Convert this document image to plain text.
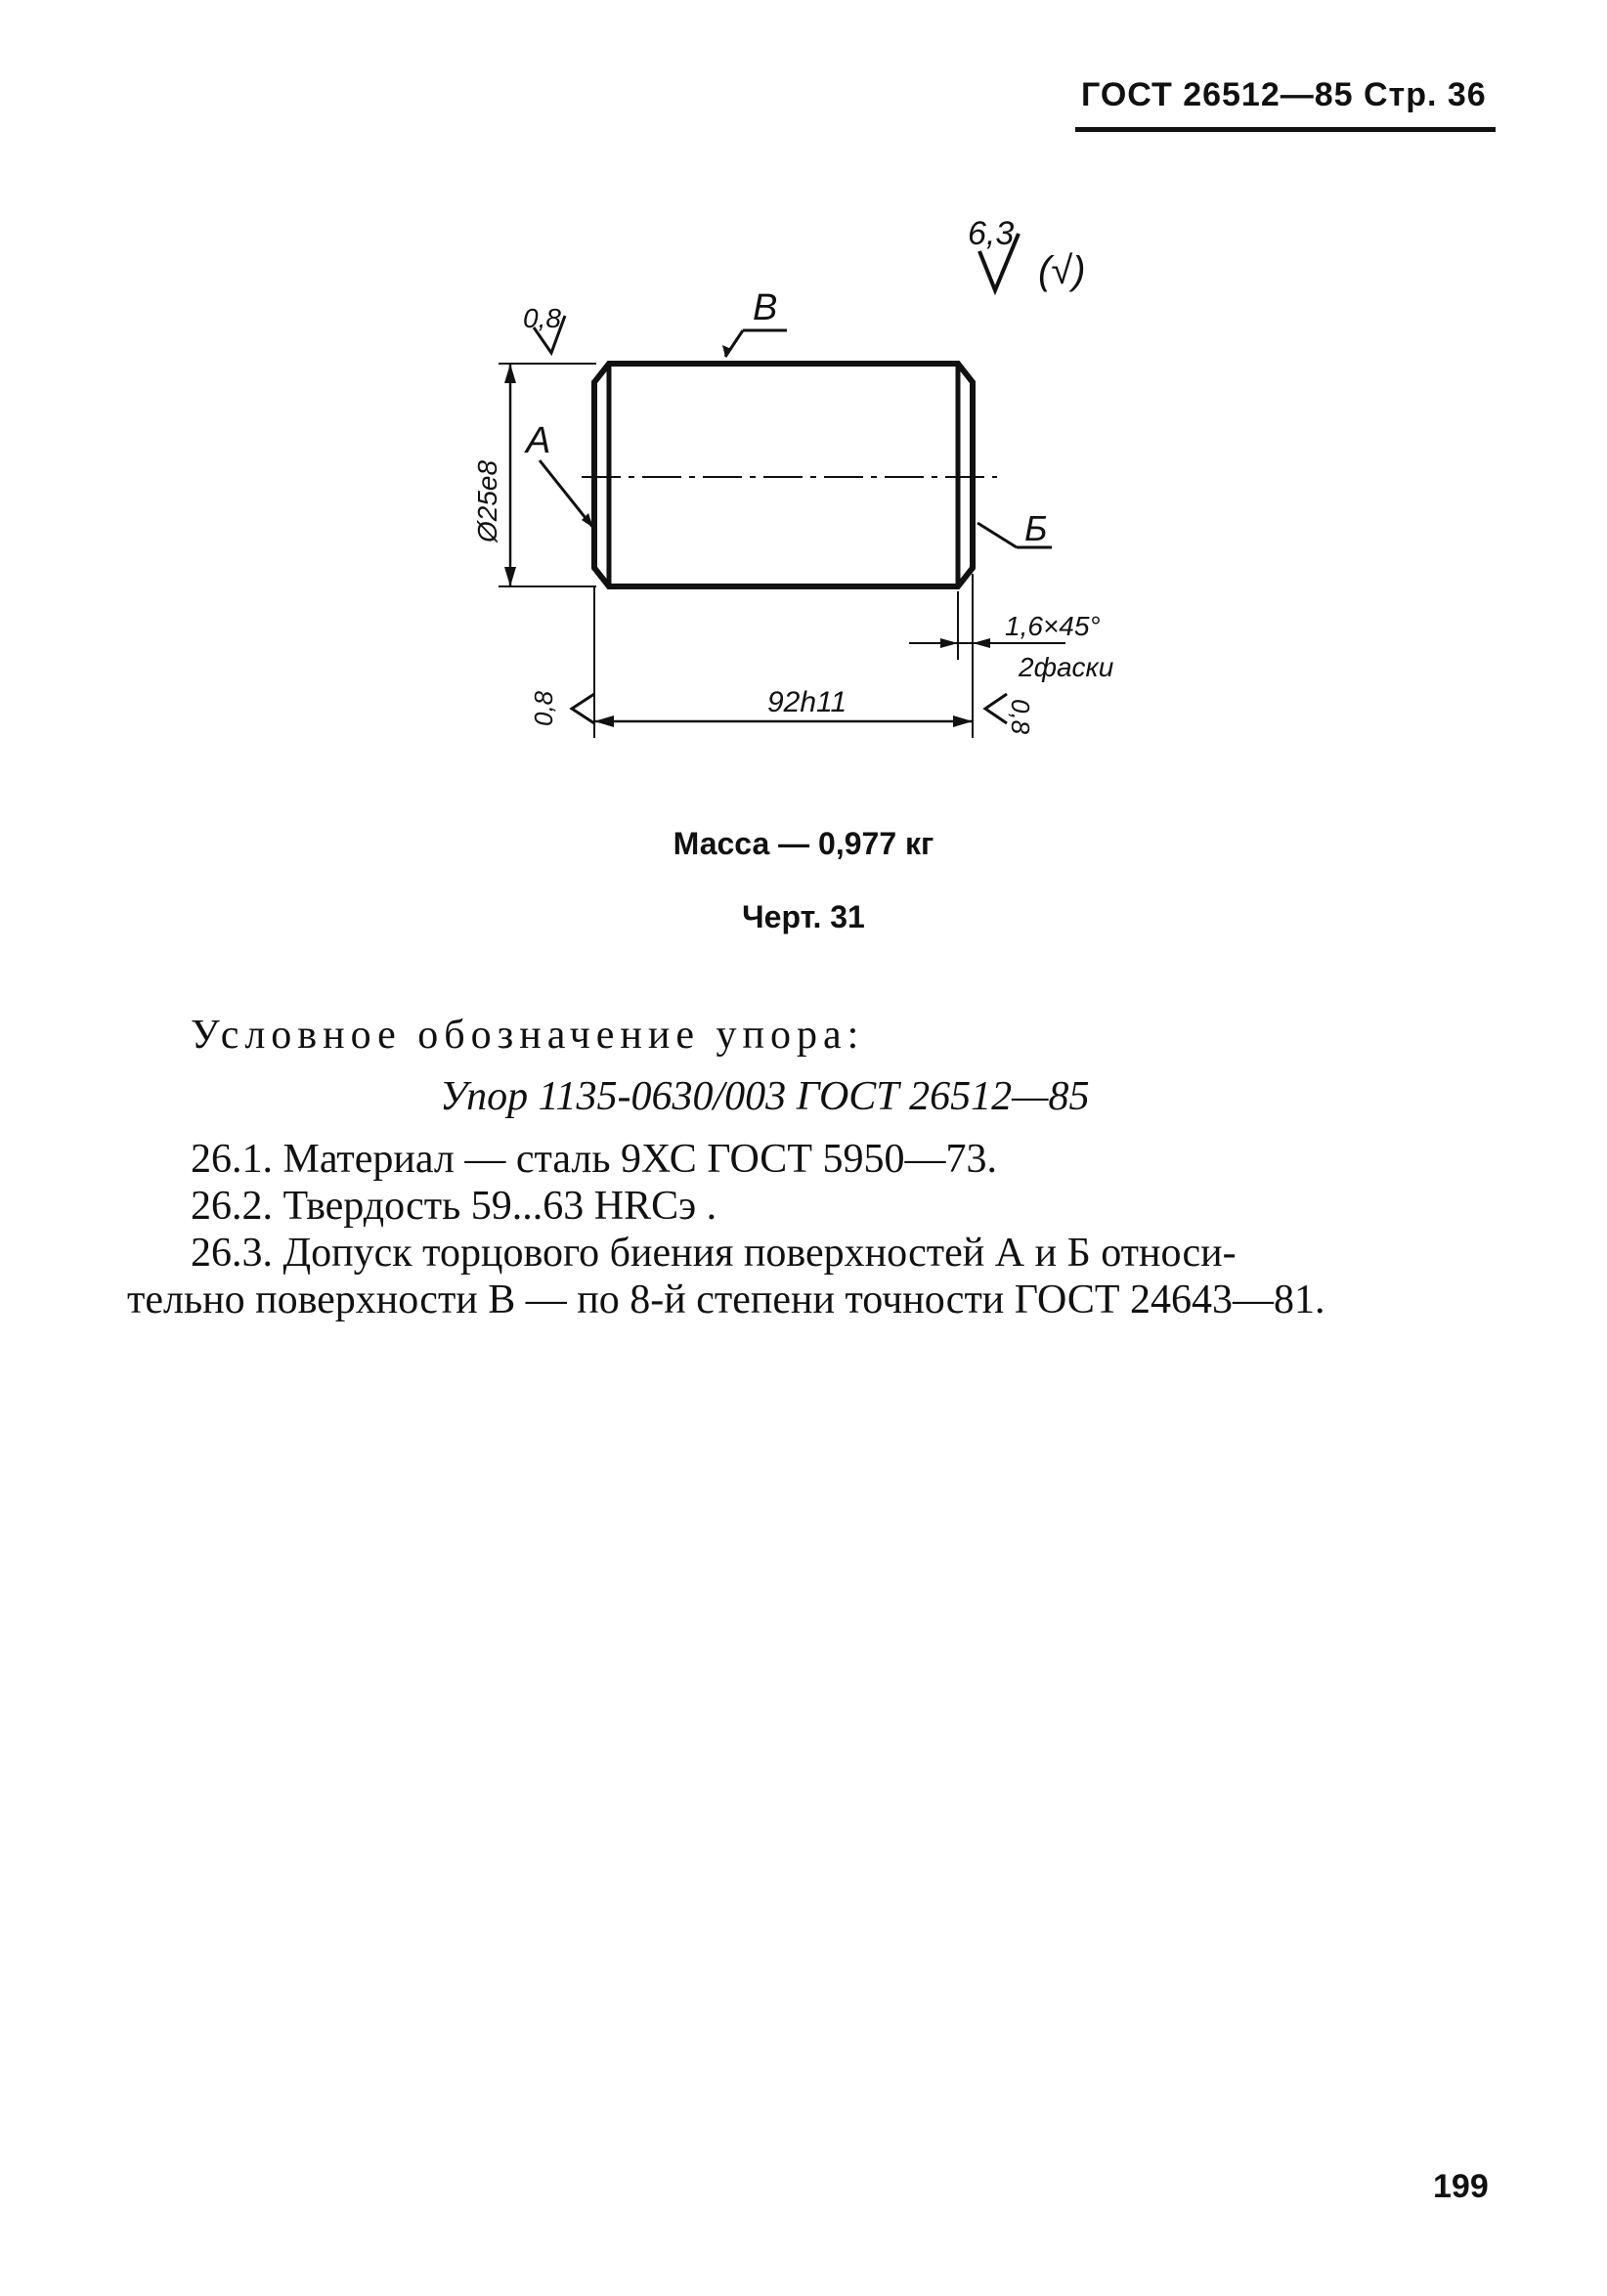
ГОСТ 26512—85 Стр. 36
6,3
(√)
0,8	В
Ø25е8
А
Б
1,6×45°
2фаски
92h11
0,8	0,8
Масса — 0,977 кг
Черт. 31
Условное обозначение упора:
Упор 1135-0630/003 ГОСТ 26512—85
26.1. Материал — сталь 9ХС ГОСТ 5950—73.
26.2. Твердость 59...63 HRCэ .
26.3. Допуск торцового биения поверхностей А и Б относи-
тельно поверхности В — по 8-й степени точности ГОСТ 24643—81.
199
